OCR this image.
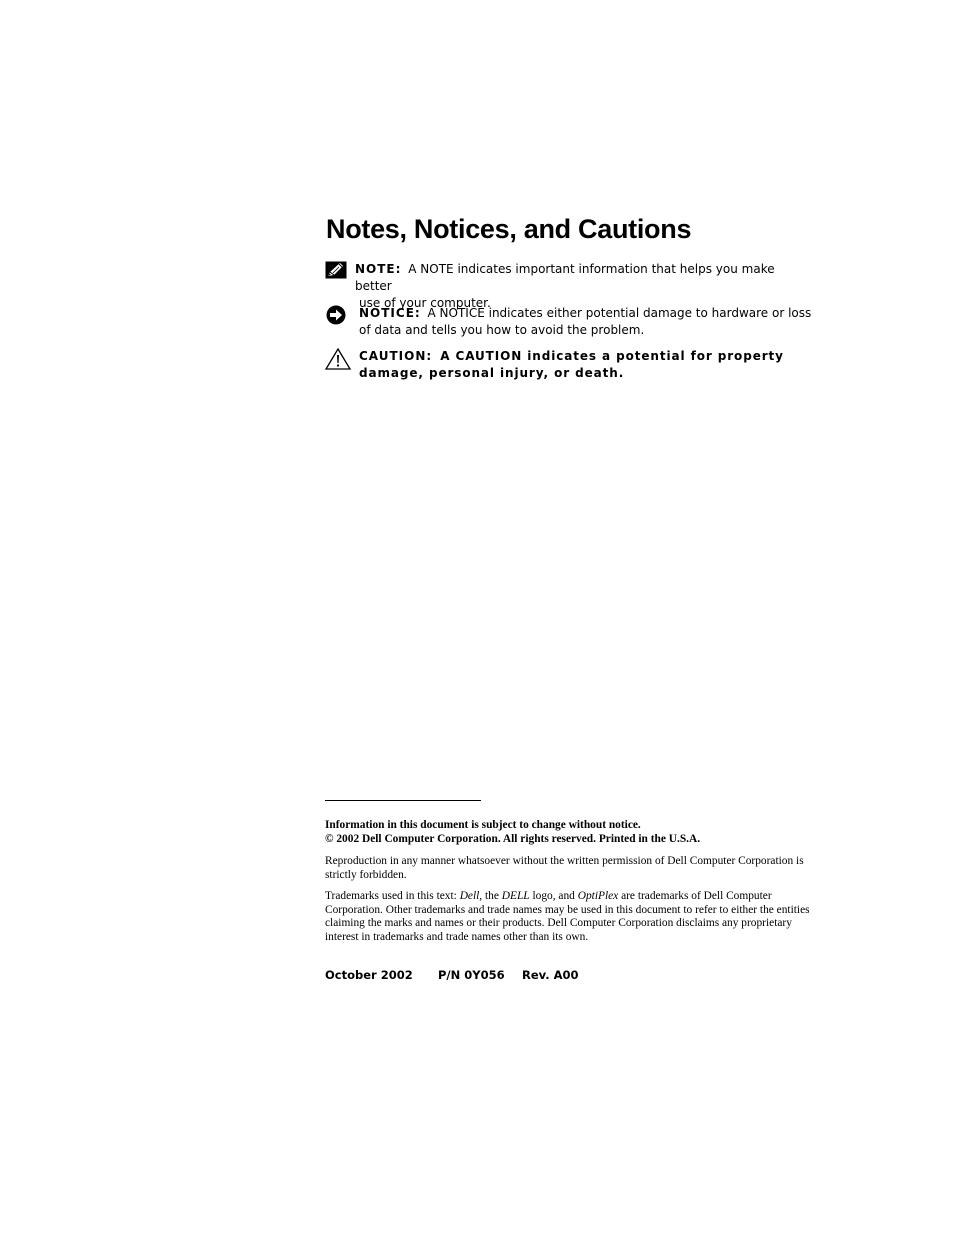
Notes, Notices, and Cautions
NOTE: A NOTE indicates important information that helps you make better
use of your computer.
NOTICE: A NOTICE indicates either potential damage to hardware or loss of data and tells you how to avoid the problem.
CAUTION: A CAUTION indicates a potential for property damage, personal injury, or death.
Information in this document is subject to change without notice.
© 2002 Dell Computer Corporation. All rights reserved. Printed in the U.S.A.
Reproduction in any manner whatsoever without the written permission of Dell Computer Corporation is strictly forbidden.
Trademarks used in this text: Dell, the DELL logo, and OptiPlex are trademarks of Dell Computer Corporation. Other trademarks and trade names may be used in this document to refer to either the entities claiming the marks and names or their products. Dell Computer Corporation disclaims any proprietary interest in trademarks and trade names other than its own.
October 2002 P/N 0Y056 Rev. A00
